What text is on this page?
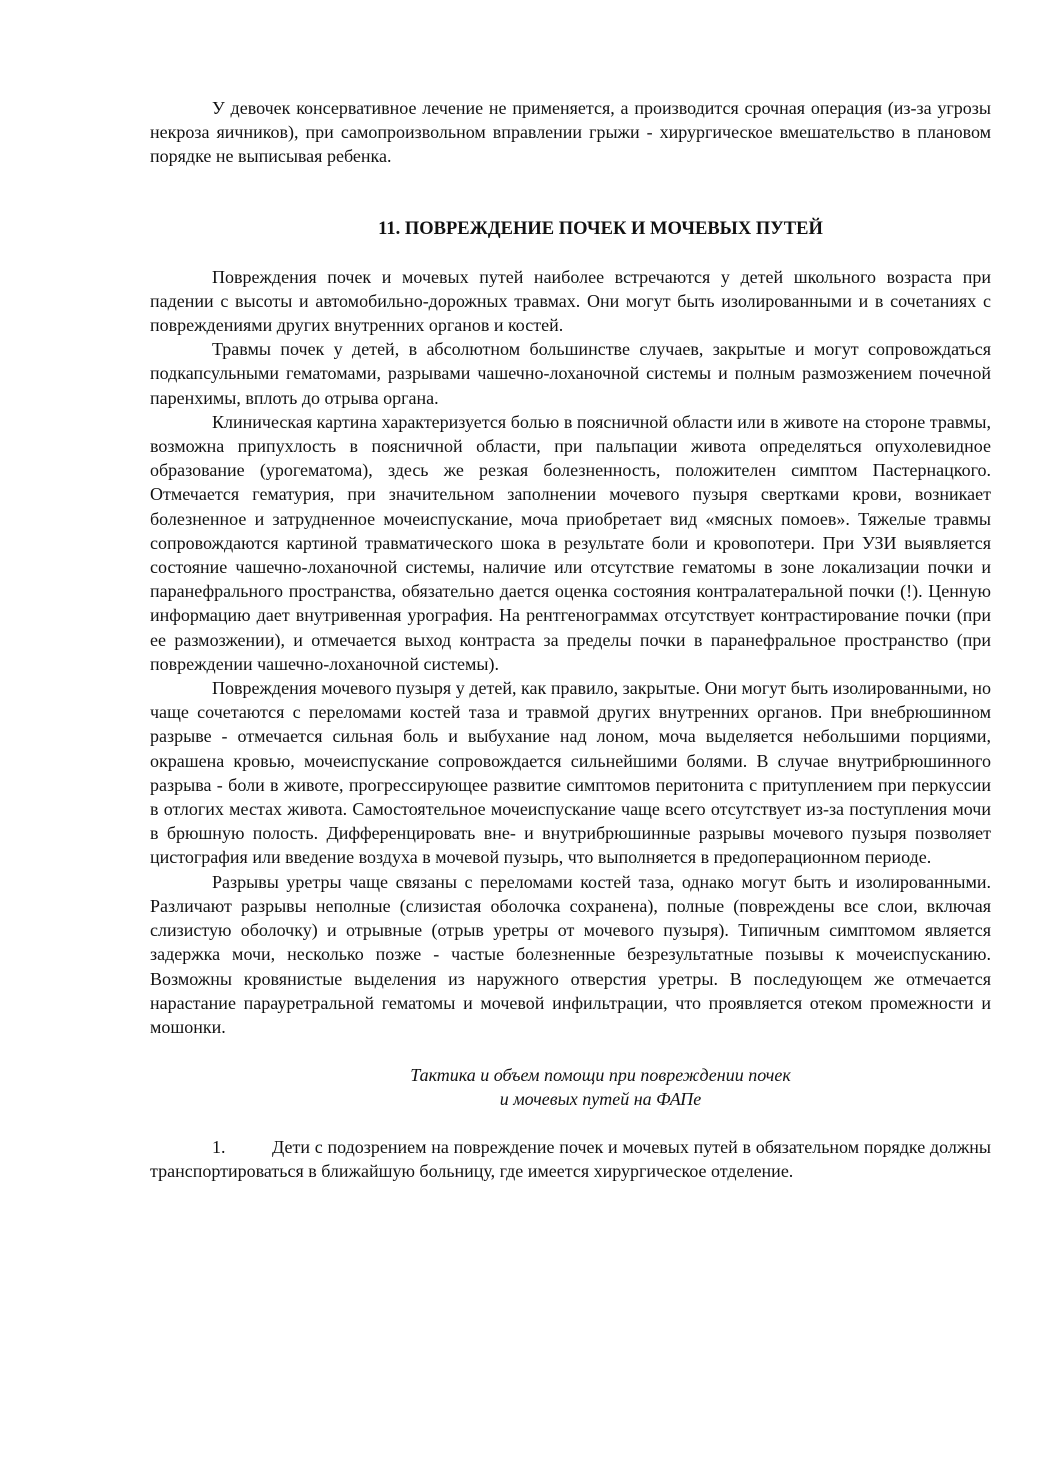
У девочек консервативное лечение не применяется, а производится срочная операция (из-за угрозы некроза яичников), при самопроизвольном вправлении грыжи - хирургическое вмешательство в плановом порядке не выписывая ребенка.

11. ПОВРЕЖДЕНИЕ ПОЧЕК И МОЧЕВЫХ ПУТЕЙ

Повреждения почек и мочевых путей наиболее встречаются у детей школьного возраста при падении с высоты и автомобильно-дорожных травмах. Они могут быть изолированными и в сочетаниях с повреждениями других внутренних органов и костей.

Травмы почек у детей, в абсолютном большинстве случаев, закрытые и могут сопровождаться подкапсульными гематомами, разрывами чашечно-лоханочной системы и полным размозжением почечной паренхимы, вплоть до отрыва органа.

Клиническая картина характеризуется болью в поясничной области или в животе на стороне травмы, возможна припухлость в поясничной области, при пальпации живота определяться опухолевидное образование (урогематома), здесь же резкая болезненность, положителен симптом Пастернацкого. Отмечается гематурия, при значительном заполнении мочевого пузыря свертками крови, возникает болезненное и затрудненное мочеиспускание, моча приобретает вид «мясных помоев». Тяжелые травмы сопровождаются картиной травматического шока в результате боли и кровопотери. При УЗИ выявляется состояние чашечно-лоханочной системы, наличие или отсутствие гематомы в зоне локализации почки и паранефрального пространства, обязательно дается оценка состояния контралатеральной почки (!). Ценную информацию дает внутривенная урография. На рентгенограммах отсутствует контрастирование почки (при ее размозжении), и отмечается выход контраста за пределы почки в паранефральное пространство (при повреждении чашечно-лоханочной системы).

Повреждения мочевого пузыря у детей, как правило, закрытые. Они могут быть изолированными, но чаще сочетаются с переломами костей таза и травмой других внутренних органов. При внебрюшинном разрыве - отмечается сильная боль и выбухание над лоном, моча выделяется небольшими порциями, окрашена кровью, мочеиспускание сопровождается сильнейшими болями. В случае внутрибрюшинного разрыва - боли в животе, прогрессирующее развитие симптомов перитонита с притуплением при перкуссии в отлогих местах живота. Самостоятельное мочеиспускание чаще всего отсутствует из-за поступления мочи в брюшную полость. Дифференцировать вне- и внутрибрюшинные разрывы мочевого пузыря позволяет цистография или введение воздуха в мочевой пузырь, что выполняется в предоперационном периоде.

Разрывы уретры чаще связаны с переломами костей таза, однако могут быть и изолированными. Различают разрывы неполные (слизистая оболочка сохранена), полные (повреждены все слои, включая слизистую оболочку) и отрывные (отрыв уретры от мочевого пузыря). Типичным симптомом является задержка мочи, несколько позже - частые болезненные безрезультатные позывы к мочеиспусканию. Возможны кровянистые выделения из наружного отверстия уретры. В последующем же отмечается нарастание парауретральной гематомы и мочевой инфильтрации, что проявляется отеком промежности и мошонки.

Тактика и объем помощи при повреждении почек
и мочевых путей на ФАПе

1.	Дети с подозрением на повреждение почек и мочевых путей в обязательном порядке должны транспортироваться в ближайшую больницу, где имеется хирургическое отделение.
